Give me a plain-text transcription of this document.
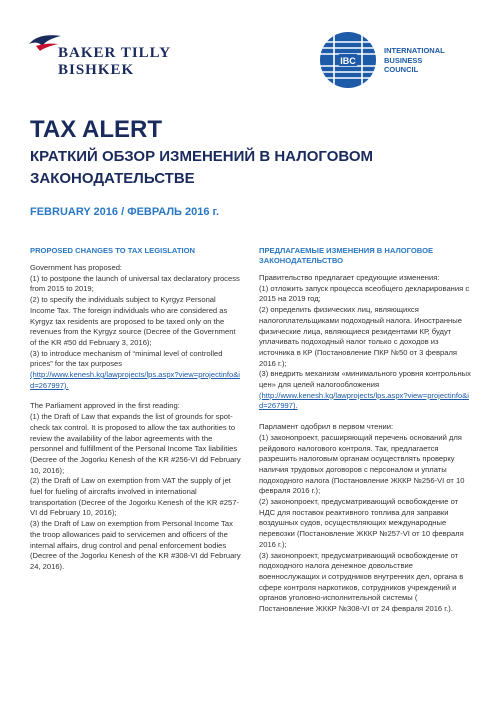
BAKER TILLY
BISHKEK
IBC
INTERNATIONAL
BUSINESS
COUNCIL
TAX ALERT
КРАТКИЙ ОБЗОР ИЗМЕНЕНИЙ В НАЛОГОВОМ ЗАКОНОДАТЕЛЬСТВЕ
FEBRUARY 2016 / ФЕВРАЛЬ 2016 г.
PROPOSED CHANGES TO TAX LEGISLATION
Government has proposed:
(1) to postpone the launch of universal tax declaratory process from 2015 to 2019;
(2) to specify the individuals subject to Kyrgyz Personal Income Tax. The foreign individuals who are considered as Kyrgyz tax residents are proposed to be taxed only on the revenues from the Kyrgyz source (Decree of the Government of the KR #50 dd February 3, 2016);
(3) to introduce mechanism of “minimal level of controlled prices” for the tax purposes
(http://www.kenesh.kg/lawprojects/lps.aspx?view=projectinfo&id=267997).
The Parliament approved in the first reading:
(1) the Draft of Law that expands the list of grounds for spot-check tax control. It is proposed to allow the tax authorities to review the availability of the labor agreements with the personnel and fulfillment of the Personal Income Tax liabilities (Decree of the Jogorku Kenesh of the KR #256-VI dd February 10, 2016);
(2) the Draft of Law on exemption from VAT the supply of jet fuel for fueling of aircrafts involved in international transportation (Decree of the Jogorku Kenesh of the KR #257-VI dd February 10, 2016);
(3) the Draft of Law on exemption from Personal Income Tax the troop allowances paid to servicemen and officers of the internal affairs, drug control and penal enforcement bodies (Decree of the Jogorku Kenesh of the KR #308-VI dd February 24, 2016).
ПРЕДЛАГАЕМЫЕ ИЗМЕНЕНИЯ В НАЛОГОВОЕ ЗАКОНОДАТЕЛЬСТВО
Правительство предлагает средующие изменения:
(1) отложить запуск процесса всеобщего декларирования с 2015 на 2019 год;
(2) определить физических лиц, являющихся налогоплательщиками подоходный налога. Иностранные физические лица, являющиеся резидентами КР, будут уплачивать подоходный налог только с доходов из источника в КР (Постановление ПКР №50 от 3 февраля 2016 г.);
(3) внедрить механизм «минимального уровня контрольных цен» для целей налогообложения
(http://www.kenesh.kg/lawprojects/lps.aspx?view=projectinfo&id=267997).
Парламент одобрил в первом чтении:
(1) законопроект, расширяющий перечень оснований для рейдового налогового контроля. Так, предлагается разрешить налоговым органам осуществлять проверку наличия трудовых договоров с персоналом и уплаты подоходного налога (Постановление ЖККР №256-VI от 10 февраля 2016 г.);
(2) законопроект, предусматривающий освобождение от НДС для поставок реактивного топлива для заправки воздушных судов, осуществляющих международные перевозки (Постановление ЖККР №257-VI от 10 февраля 2016 г.);
(3) законопроект, предусматривающий освобождение от подоходного налога денежное довольствие военнослужащих и сотрудников внутренних дел, органа в сфере контроля наркотиков, сотрудников учреждений и органов уголовно-исполнительной системы ( Постановление ЖККР №308-VI от 24 февраля 2016 г.).
